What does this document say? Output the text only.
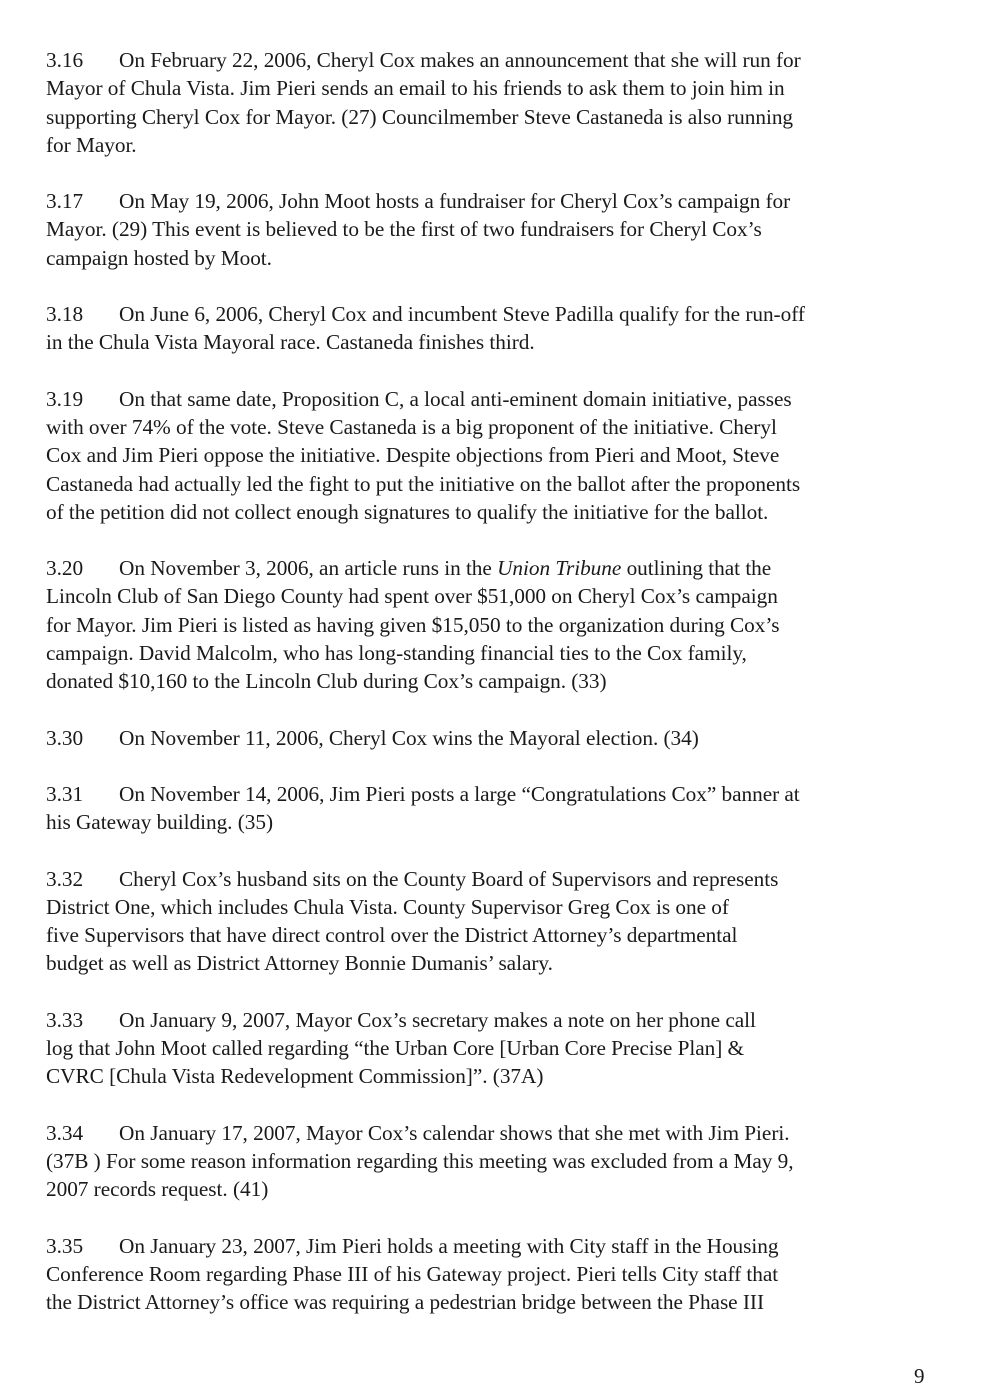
3.16 On February 22, 2006, Cheryl Cox makes an announcement that she will run for
Mayor of Chula Vista. Jim Pieri sends an email to his friends to ask them to join him in
supporting Cheryl Cox for Mayor. (27) Councilmember Steve Castaneda is also running
for Mayor.

3.17 On May 19, 2006, John Moot hosts a fundraiser for Cheryl Cox’s campaign for
Mayor. (29) This event is believed to be the first of two fundraisers for Cheryl Cox’s
campaign hosted by Moot.

3.18 On June 6, 2006, Cheryl Cox and incumbent Steve Padilla qualify for the run-off
in the Chula Vista Mayoral race. Castaneda finishes third.

3.19 On that same date, Proposition C, a local anti-eminent domain initiative, passes
with over 74% of the vote. Steve Castaneda is a big proponent of the initiative. Cheryl
Cox and Jim Pieri oppose the initiative. Despite objections from Pieri and Moot, Steve
Castaneda had actually led the fight to put the initiative on the ballot after the proponents
of the petition did not collect enough signatures to qualify the initiative for the ballot.

3.20 On November 3, 2006, an article runs in the Union Tribune outlining that the
Lincoln Club of San Diego County had spent over $51,000 on Cheryl Cox’s campaign
for Mayor. Jim Pieri is listed as having given $15,050 to the organization during Cox’s
campaign. David Malcolm, who has long-standing financial ties to the Cox family,
donated $10,160 to the Lincoln Club during Cox’s campaign. (33)

3.30 On November 11, 2006, Cheryl Cox wins the Mayoral election. (34)

3.31 On November 14, 2006, Jim Pieri posts a large “Congratulations Cox” banner at
his Gateway building. (35)

3.32 Cheryl Cox’s husband sits on the County Board of Supervisors and represents
District One, which includes Chula Vista. County Supervisor Greg Cox is one of
five Supervisors that have direct control over the District Attorney’s departmental
budget as well as District Attorney Bonnie Dumanis’ salary.

3.33 On January 9, 2007, Mayor Cox’s secretary makes a note on her phone call
log that John Moot called regarding “the Urban Core [Urban Core Precise Plan] &
CVRC [Chula Vista Redevelopment Commission]”. (37A)

3.34 On January 17, 2007, Mayor Cox’s calendar shows that she met with Jim Pieri.
(37B ) For some reason information regarding this meeting was excluded from a May 9,
2007 records request. (41)

3.35 On January 23, 2007, Jim Pieri holds a meeting with City staff in the Housing
Conference Room regarding Phase III of his Gateway project. Pieri tells City staff that
the District Attorney’s office was requiring a pedestrian bridge between the Phase III

9
